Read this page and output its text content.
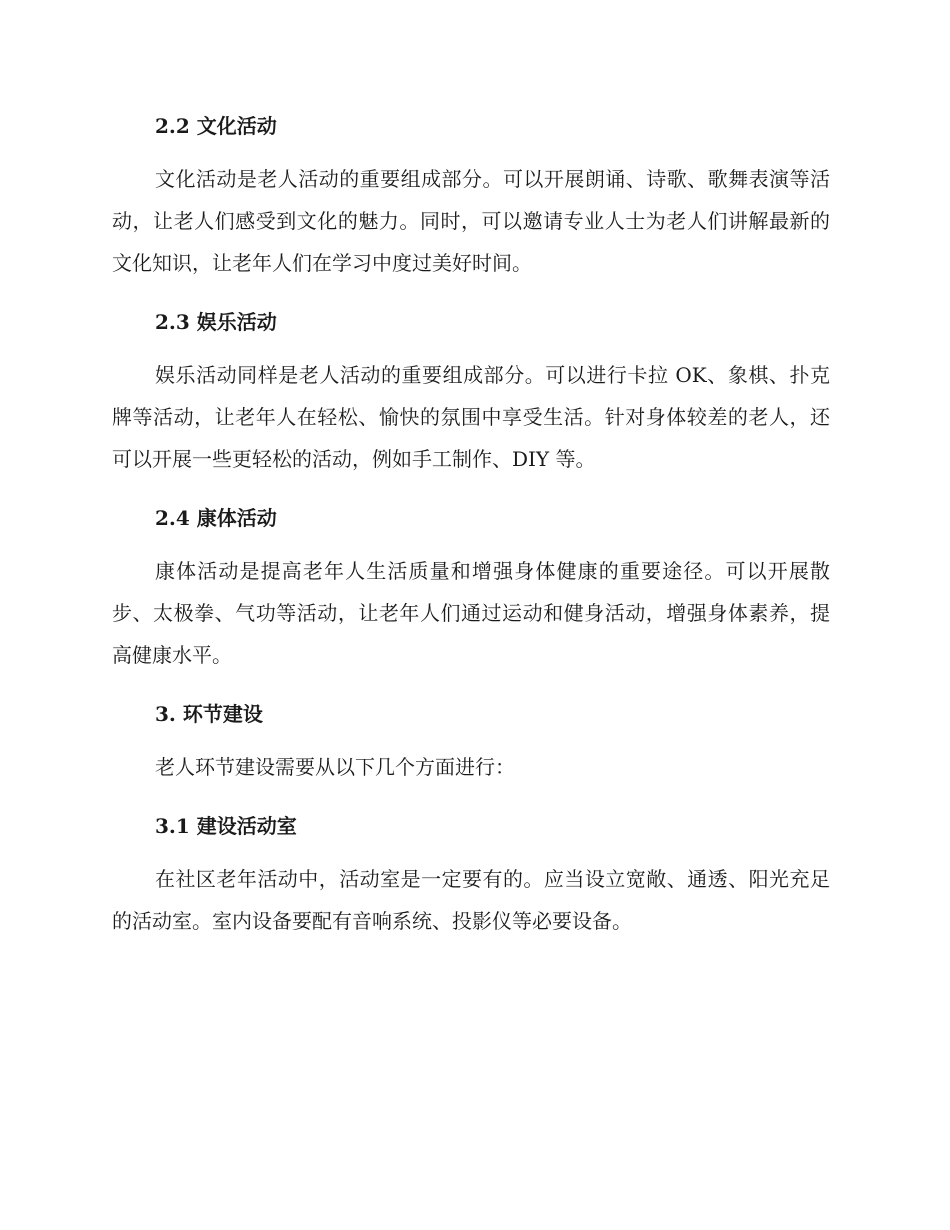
2.2 文化活动

文化活动是老人活动的重要组成部分。可以开展朗诵、诗歌、歌舞表演等活动，让老人们感受到文化的魅力。同时，可以邀请专业人士为老人们讲解最新的文化知识，让老年人们在学习中度过美好时间。

2.3 娱乐活动

娱乐活动同样是老人活动的重要组成部分。可以进行卡拉 OK、象棋、扑克牌等活动，让老年人在轻松、愉快的氛围中享受生活。针对身体较差的老人，还可以开展一些更轻松的活动，例如手工制作、DIY 等。

2.4 康体活动

康体活动是提高老年人生活质量和增强身体健康的重要途径。可以开展散步、太极拳、气功等活动，让老年人们通过运动和健身活动，增强身体素养，提高健康水平。

3. 环节建设

老人环节建设需要从以下几个方面进行：

3.1 建设活动室

在社区老年活动中，活动室是一定要有的。应当设立宽敞、通透、阳光充足的活动室。室内设备要配有音响系统、投影仪等必要设备。
